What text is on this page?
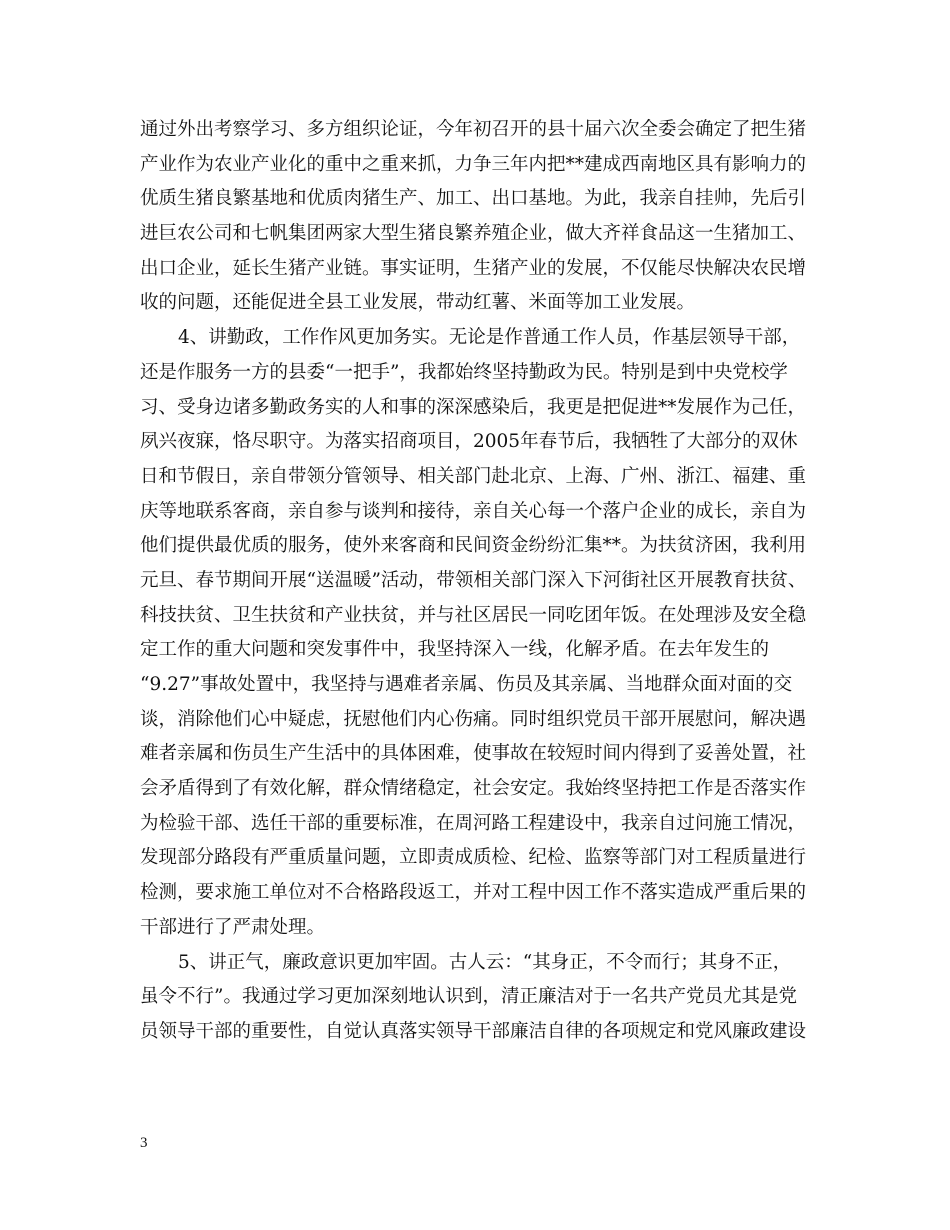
通过外出考察学习、多方组织论证，今年初召开的县十届六次全委会确定了把生猪
产业作为农业产业化的重中之重来抓，力争三年内把**建成西南地区具有影响力的
优质生猪良繁基地和优质肉猪生产、加工、出口基地。为此，我亲自挂帅，先后引
进巨农公司和七帆集团两家大型生猪良繁养殖企业，做大齐祥食品这一生猪加工、
出口企业，延长生猪产业链。事实证明，生猪产业的发展，不仅能尽快解决农民增
收的问题，还能促进全县工业发展，带动红薯、米面等加工业发展。
4、讲勤政，工作作风更加务实。无论是作普通工作人员，作基层领导干部，
还是作服务一方的县委“一把手”，我都始终坚持勤政为民。特别是到中央党校学
习、受身边诸多勤政务实的人和事的深深感染后，我更是把促进**发展作为己任，
夙兴夜寐，恪尽职守。为落实招商项目，2005年春节后，我牺牲了大部分的双休
日和节假日，亲自带领分管领导、相关部门赴北京、上海、广州、浙江、福建、重
庆等地联系客商，亲自参与谈判和接待，亲自关心每一个落户企业的成长，亲自为
他们提供最优质的服务，使外来客商和民间资金纷纷汇集**。为扶贫济困，我利用
元旦、春节期间开展“送温暖”活动，带领相关部门深入下河街社区开展教育扶贫、
科技扶贫、卫生扶贫和产业扶贫，并与社区居民一同吃团年饭。在处理涉及安全稳
定工作的重大问题和突发事件中，我坚持深入一线，化解矛盾。在去年发生的
“9.27”事故处置中，我坚持与遇难者亲属、伤员及其亲属、当地群众面对面的交
谈，消除他们心中疑虑，抚慰他们内心伤痛。同时组织党员干部开展慰问，解决遇
难者亲属和伤员生产生活中的具体困难，使事故在较短时间内得到了妥善处置，社
会矛盾得到了有效化解，群众情绪稳定，社会安定。我始终坚持把工作是否落实作
为检验干部、选任干部的重要标准，在周河路工程建设中，我亲自过问施工情况，
发现部分路段有严重质量问题，立即责成质检、纪检、监察等部门对工程质量进行
检测，要求施工单位对不合格路段返工，并对工程中因工作不落实造成严重后果的
干部进行了严肃处理。
5、讲正气，廉政意识更加牢固。古人云：“其身正，不令而行；其身不正，
虽令不行”。我通过学习更加深刻地认识到，清正廉洁对于一名共产党员尤其是党
员领导干部的重要性，自觉认真落实领导干部廉洁自律的各项规定和党风廉政建设
3
